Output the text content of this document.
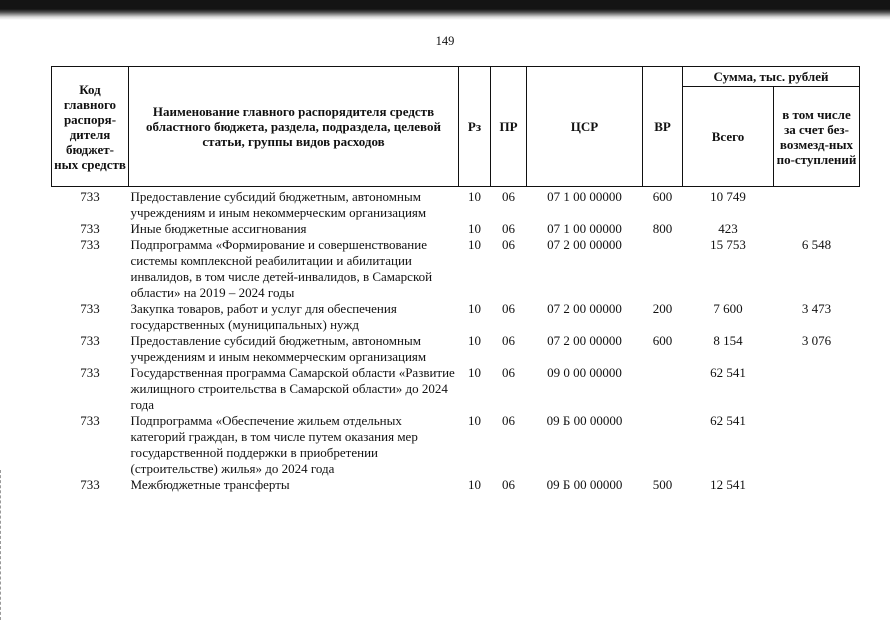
149
Код главного распоря-дителя бюджет-ных средств	Наименование главного распорядителя средств областного бюджета, раздела, подраздела, целевой статьи, группы видов расходов	Рз	ПР	ЦСР	ВР	Сумма, тыс. рублей	
						Всего	в том числе за счет без-возмезд-ных по-ступлений
733	Предоставление субсидий бюджетным, автономным учреждениям и иным некоммерческим организациям	10	06	07 1 00 00000	600	10 749	
733	Иные бюджетные ассигнования	10	06	07 1 00 00000	800	423	
733	Подпрограмма «Формирование и совершенствование системы комплексной реабилитации и абилитации инвалидов, в том числе детей-инвалидов, в Самарской области» на 2019 – 2024 годы	10	06	07 2 00 00000		15 753	6 548
733	Закупка товаров, работ и услуг для обеспечения государственных (муниципальных) нужд	10	06	07 2 00 00000	200	7 600	3 473
733	Предоставление субсидий бюджетным, автономным учреждениям и иным некоммерческим организациям	10	06	07 2 00 00000	600	8 154	3 076
733	Государственная программа Самарской области «Развитие жилищного строительства в Самарской области» до 2024 года	10	06	09 0 00 00000		62 541	
733	Подпрограмма «Обеспечение жильем отдельных категорий граждан, в том числе путем оказания мер государственной поддержки в приобретении (строительстве) жилья» до 2024 года	10	06	09 Б 00 00000		62 541	
733	Межбюджетные трансферты	10	06	09 Б 00 00000	500	12 541	
